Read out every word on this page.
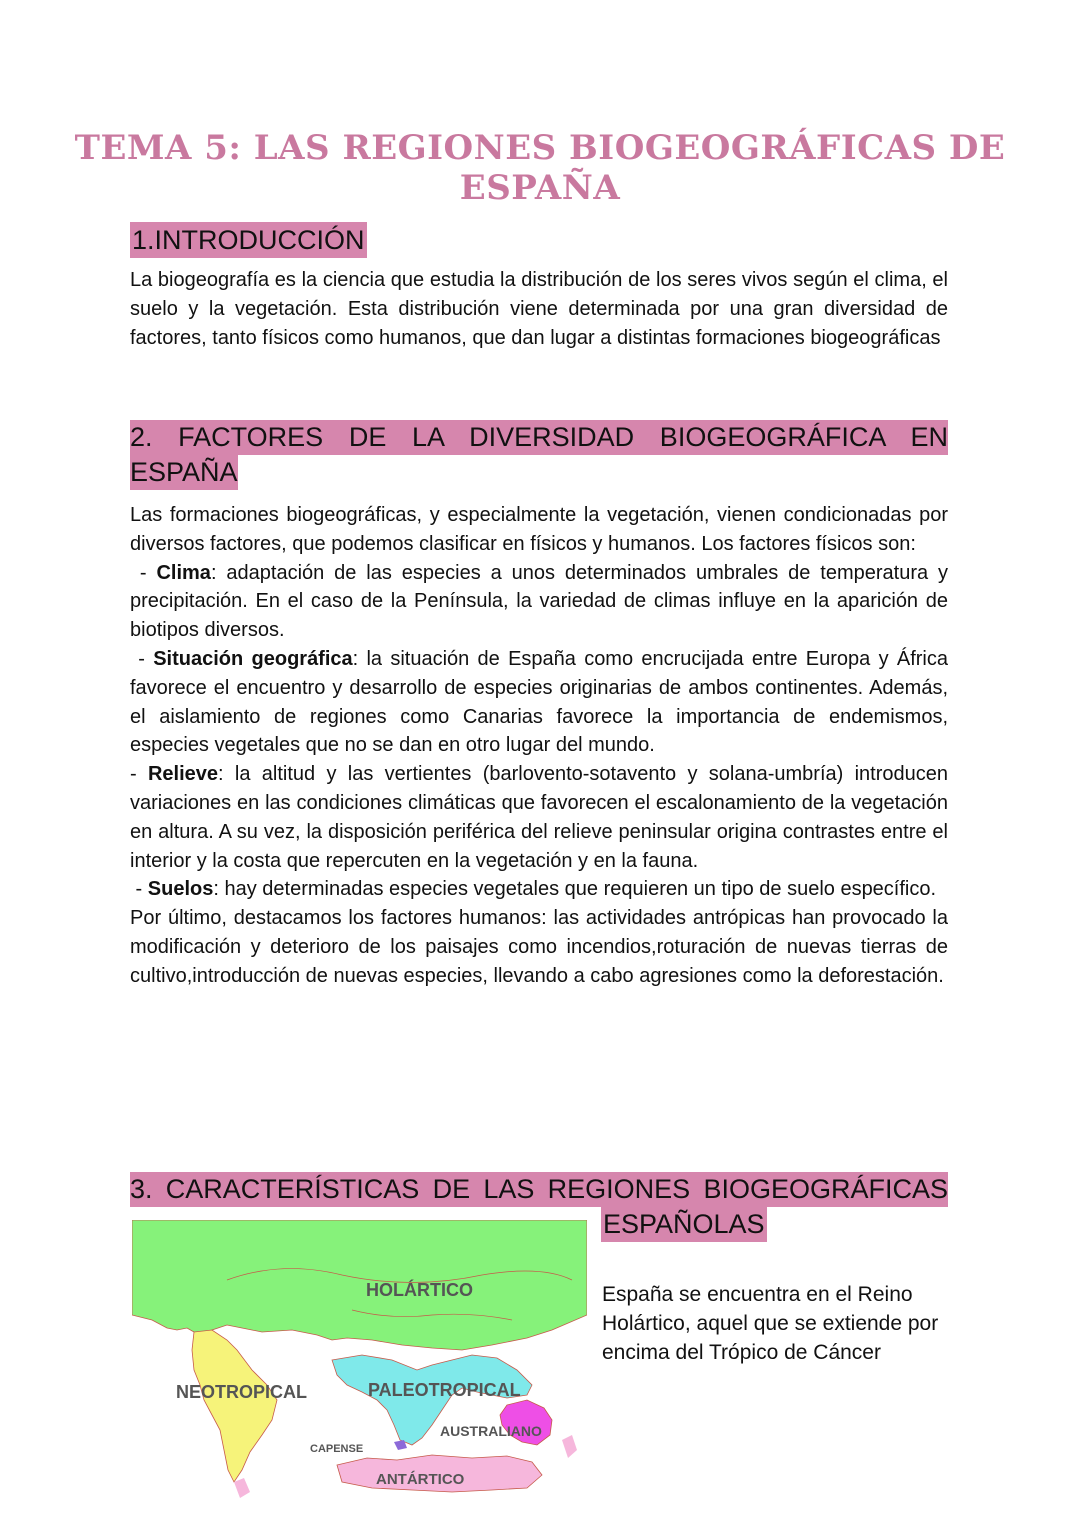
TEMA 5: LAS REGIONES BIOGEOGRÁFICAS DE ESPAÑA
1.INTRODUCCIÓN

La biogeografía es la ciencia que estudia la distribución de los seres vivos según el clima, el suelo y la vegetación. Esta distribución viene determinada por una gran diversidad de factores, tanto físicos como humanos, que dan lugar a distintas formaciones biogeográficas

2. FACTORES DE LA DIVERSIDAD BIOGEOGRÁFICA EN
ESPAÑA

Las formaciones biogeográficas, y especialmente la vegetación, vienen condicionadas por diversos factores, que podemos clasificar en físicos y humanos. Los factores físicos son:

- Clima: adaptación de las especies a unos determinados umbrales de temperatura y precipitación. En el caso de la Península, la variedad de climas influye en la aparición de biotipos diversos.

- Situación geográfica: la situación de España como encrucijada entre Europa y África favorece el encuentro y desarrollo de especies originarias de ambos continentes. Además, el aislamiento de regiones como Canarias favorece la importancia de endemismos, especies vegetales que no se dan en otro lugar del mundo.

- Relieve: la altitud y las vertientes (barlovento-sotavento y solana-umbría) introducen variaciones en las condiciones climáticas que favorecen el escalonamiento de la vegetación en altura. A su vez, la disposición periférica del relieve peninsular origina contrastes entre el interior y la costa que repercuten en la vegetación y en la fauna.

- Suelos: hay determinadas especies vegetales que requieren un tipo de suelo específico.

Por último, destacamos los factores humanos: las actividades antrópicas han provocado la modificación y deterioro de los paisajes como incendios,roturación de nuevas tierras de cultivo,introducción de nuevas especies, llevando a cabo agresiones como la deforestación.

3. CARACTERÍSTICAS DE LAS REGIONES BIOGEOGRÁFICAS
ESPAÑOLAS
HOLÁRTICO
NEOTROPICAL	PALEOTROPICAL
AUSTRALIANO
CAPENSE
ANTÁRTICO

España se encuentra en el Reino Holártico, aquel que se extiende por encima del Trópico de Cáncer
